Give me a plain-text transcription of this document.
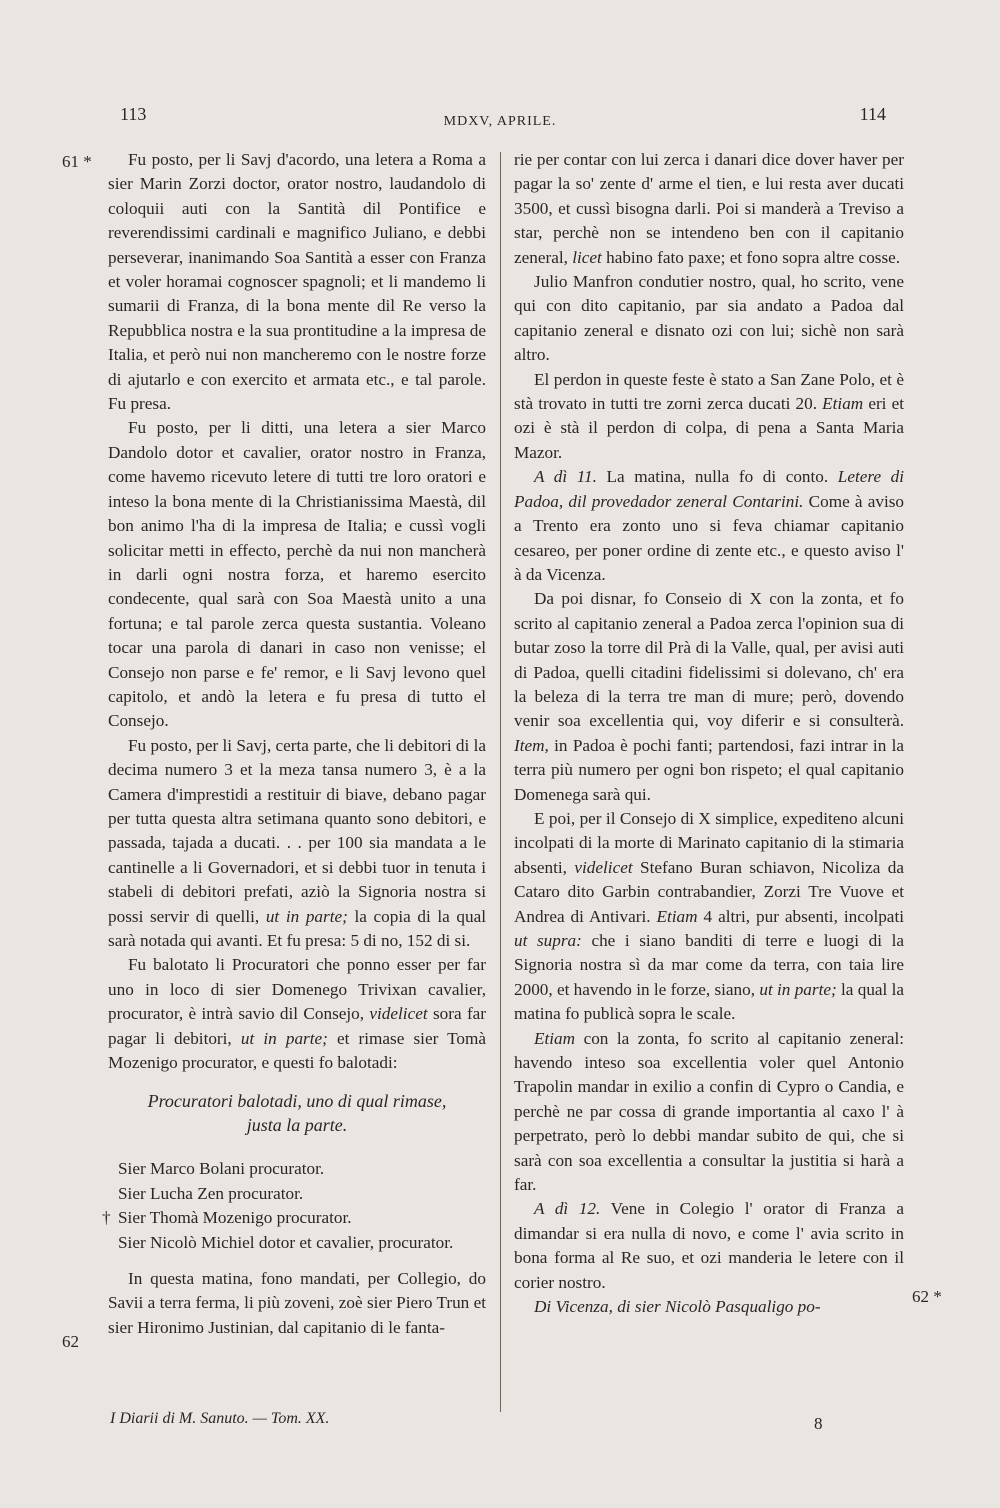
113	MDXV, APRILE.	114
61 *
62
62 *

Fu posto, per li Savj d'acordo, una letera a Roma a sier Marin Zorzi doctor, orator nostro, laudandolo di coloquii auti con la Santità dil Pontifice e reverendissimi cardinali e magnifico Juliano, e debbi perseverar, inanimando Soa Santità a esser con Franza et voler horamai cognoscer spagnoli; et li mandemo li sumarii di Franza, di la bona mente dil Re verso la Repubblica nostra e la sua prontitudine a la impresa de Italia, et però nui non mancheremo con le nostre forze di ajutarlo e con exercito et armata etc., e tal parole. Fu presa.

Fu posto, per li ditti, una letera a sier Marco Dandolo dotor et cavalier, orator nostro in Franza, come havemo ricevuto letere di tutti tre loro oratori e inteso la bona mente di la Christianissima Maestà, dil bon animo l'ha di la impresa de Italia; e cussì vogli solicitar metti in effecto, perchè da nui non mancherà in darli ogni nostra forza, et haremo esercito condecente, qual sarà con Soa Maestà unito a una fortuna; e tal parole zerca questa sustantia. Voleano tocar una parola di danari in caso non venisse; el Consejo non parse e fe' remor, e li Savj levono quel capitolo, et andò la letera e fu presa di tutto el Consejo.

Fu posto, per li Savj, certa parte, che li debitori di la decima numero 3 et la meza tansa numero 3, è a la Camera d'imprestidi a restituir di biave, debano pagar per tutta questa altra setimana quanto sono debitori, e passada, tajada a ducati. . . per 100 sia mandata a le cantinelle a li Governadori, et si debbi tuor in tenuta i stabeli di debitori prefati, aziò la Signoria nostra si possi servir di quelli, ut in parte; la copia di la qual sarà notada qui avanti. Et fu presa: 5 di no, 152 di si.

Fu balotato li Procuratori che ponno esser per far uno in loco di sier Domenego Trivixan cavalier, procurator, è intrà savio dil Consejo, videlicet sora far pagar li debitori, ut in parte; et rimase sier Tomà Mozenigo procurator, e questi fo balotadi:

Procuratori balotadi, uno di qual rimase,
justa la parte.
Sier Marco Bolani procurator.
Sier Lucha Zen procurator.
† Sier Thomà Mozenigo procurator.
Sier Nicolò Michiel dotor et cavalier, procurator.

In questa matina, fono mandati, per Collegio, do Savii a terra ferma, li più zoveni, zoè sier Piero Trun et sier Hironimo Justinian, dal capitanio di le fanta-

rie per contar con lui zerca i danari dice dover haver per pagar la so' zente d' arme el tien, e lui resta aver ducati 3500, et cussì bisogna darli. Poi si manderà a Treviso a star, perchè non se intendeno ben con il capitanio zeneral, licet habino fato paxe; et fono sopra altre cosse.

Julio Manfron condutier nostro, qual, ho scrito, vene qui con dito capitanio, par sia andato a Padoa dal capitanio zeneral e disnato ozi con lui; sichè non sarà altro.

El perdon in queste feste è stato a San Zane Polo, et è stà trovato in tutti tre zorni zerca ducati 20. Etiam eri et ozi è stà il perdon di colpa, di pena a Santa Maria Mazor.

A dì 11. La matina, nulla fo di conto. Letere di Padoa, dil provedador zeneral Contarini. Come à aviso a Trento era zonto uno si feva chiamar capitanio cesareo, per poner ordine di zente etc., e questo aviso l' à da Vicenza.

Da poi disnar, fo Conseio di X con la zonta, et fo scrito al capitanio zeneral a Padoa zerca l'opinion sua di butar zoso la torre dil Prà di la Valle, qual, per avisi auti di Padoa, quelli citadini fidelissimi si dolevano, ch' era la beleza di la terra tre man di mure; però, dovendo venir soa excellentia qui, voy diferir e si consulterà. Item, in Padoa è pochi fanti; partendosi, fazi intrar in la terra più numero per ogni bon rispeto; el qual capitanio Domenega sarà qui.

E poi, per il Consejo di X simplice, expediteno alcuni incolpati di la morte di Marinato capitanio di la stimaria absenti, videlicet Stefano Buran schiavon, Nicoliza da Cataro dito Garbin contrabandier, Zorzi Tre Vuove et Andrea di Antivari. Etiam 4 altri, pur absenti, incolpati ut supra: che i siano banditi di terre e luogi di la Signoria nostra sì da mar come da terra, con taia lire 2000, et havendo in le forze, siano, ut in parte; la qual la matina fo publicà sopra le scale.

Etiam con la zonta, fo scrito al capitanio zeneral: havendo inteso soa excellentia voler quel Antonio Trapolin mandar in exilio a confin di Cypro o Candia, e perchè ne par cossa di grande importantia al caxo l' à perpetrato, però lo debbi mandar subito de qui, che si sarà con soa excellentia a consultar la justitia si harà a far.

A dì 12. Vene in Colegio l' orator di Franza a dimandar si era nulla di novo, e come l' avia scrito in bona forma al Re suo, et ozi manderia le letere con il corier nostro.

Di Vicenza, di sier Nicolò Pasqualigo po-

I Diarii di M. Sanuto. — Tom. XX.	8
